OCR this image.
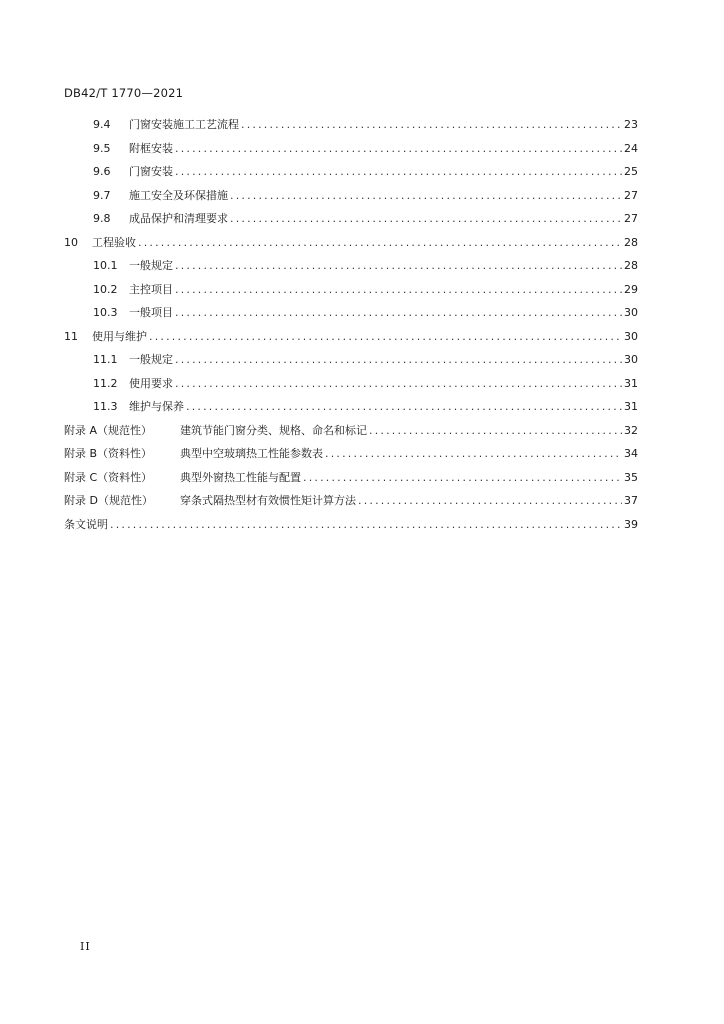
DB42/T 1770—2021
9.4	门窗安装施工工艺流程 .....	23
9.5	附框安装 .....	24
9.6	门窗安装 .....	25
9.7	施工安全及环保措施 .....	27
9.8	成品保护和清理要求 .....	27
10	工程验收 .....	28
10.1	一般规定 .....	28
10.2	主控项目 .....	29
10.3	一般项目 .....	30
11	使用与维护 .....	30
11.1	一般规定 .....	30
11.2	使用要求 .....	31
11.3	维护与保养 .....	31
附录 A（规范性）	建筑节能门窗分类、规格、命名和标记 .....	32
附录 B（资料性）	典型中空玻璃热工性能参数表 .....	34
附录 C（资料性）	典型外窗热工性能与配置 .....	35
附录 D（规范性）	穿条式隔热型材有效惯性矩计算方法 .....	37
条文说明 .....	39
II
